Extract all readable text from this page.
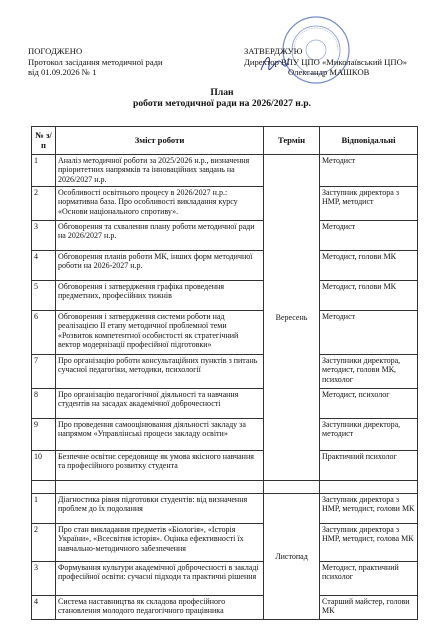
ПОГОДЖЕНО
Протокол засідання методичної ради
від 01.09.2026 № 1
ЗАТВЕРДЖУЮ
Директор ВПУ ЦПО «Миколаївський ЦПО»
Олександр МАШКОВ
План
роботи методичної ради на 2026/2027 н.р.
№ з/п	Зміст роботи	Термін	Відповідальні
1	Аналіз методичної роботи за 2025/2026 н.р., визначення пріоритетних напрямків та інноваційних завдань на 2026/2027 н.р.	Вересень	Методист
2	Особливості освітнього процесу в 2026/2027 н.р.: нормативна база. Про особливості викладання курсу «Основи національного спротиву».		Заступник директора з НМР, методист
3	Обговорення та схвалення плану роботи методичної ради на 2026/2027 н.р.		Методист
4	Обговорення планів роботи МК, інших форм методичної роботи на 2026-2027 н.р.		Методист, голови МК
5	Обговорення і затвердження графіка проведення предметних, професійних тижнів		Методист, голови МК
6	Обговорення і затвердження системи роботи над реалізацією ІІ етапу методичної проблемної теми «Розвиток компетентної особистості як стратегічний вектор модернізації професійної підготовки»		Методист
7	Про організацію роботи консультаційних пунктів з питань сучасної педагогіки, методики, психології		Заступники директора, методист, голови МК, психолог
8	Про організацію педагогічної діяльності та навчання студентів на засадах академічної доброчесності		Методист, психолог
9	Про проведення самооцінювання діяльності закладу за напрямом «Управлінські процеси закладу освіти»		Заступники директора, методист
10	Безпечне освітнє середовище як умова якісного навчання та професійного розвитку студента		Практичний психолог

1	Діагностика рівня підготовки студентів: від визначення проблем до їх подолання	Листопад	Заступник директора з НМР, методист, голови МК
2	Про стан викладання предметів «Біологія», «Історія України», «Всесвітня історія». Оцінка ефективності їх навчально-методичного забезпечення		Заступник директора з НМР, методист, голова МК
3	Формування культури академічної доброчесності в закладі професійної освіти: сучасні підходи та практичні рішення		Методист, практичний психолог
4	Система наставництва як складова професійного становлення молодого педагогічного працівника		Старший майстер, голови МК
